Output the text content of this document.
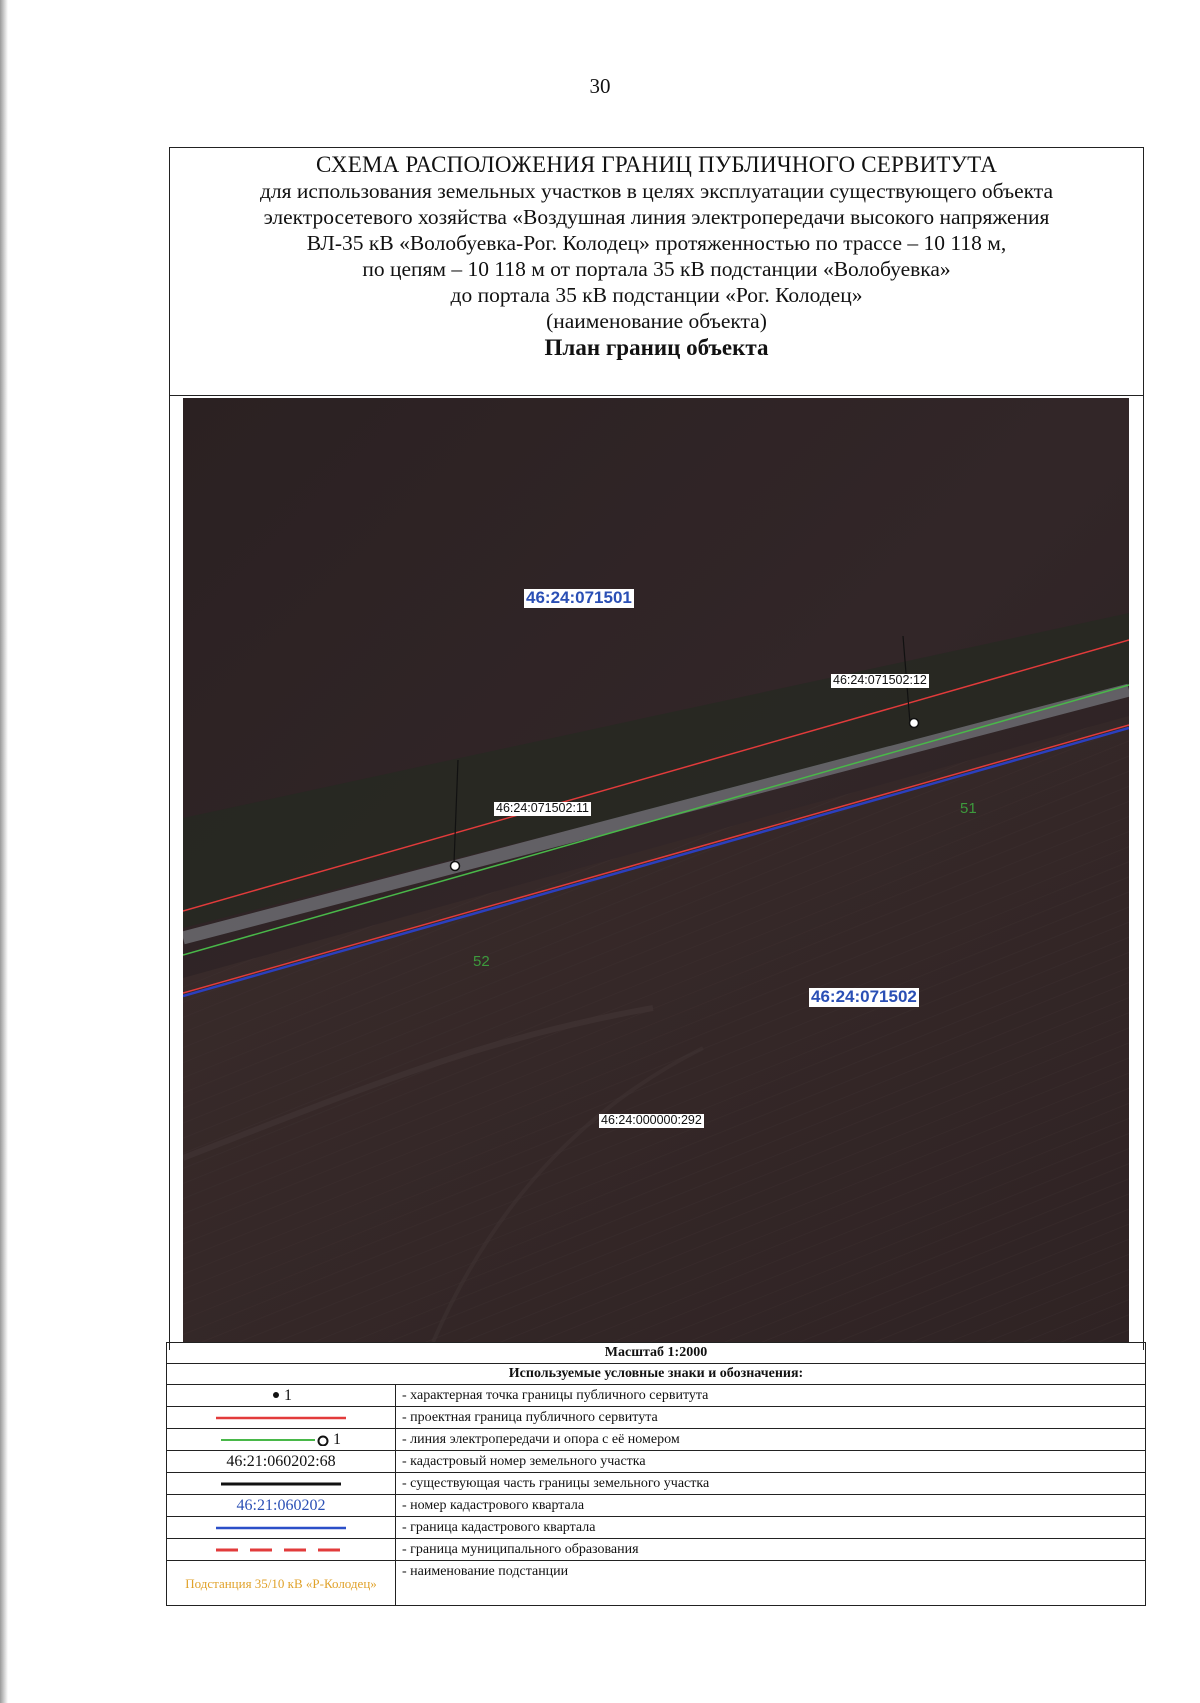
30
СХЕМА РАСПОЛОЖЕНИЯ ГРАНИЦ ПУБЛИЧНОГО СЕРВИТУТА
для использования земельных участков в целях эксплуатации существующего объекта
электросетевого хозяйства «Воздушная линия электропередачи высокого напряжения
ВЛ-35 кВ «Волобуевка-Рог. Колодец» протяженностью по трассе – 10 118 м,
по цепям – 10 118 м от портала 35 кВ подстанции «Волобуевка»
до портала 35 кВ подстанции «Рог. Колодец»
(наименование объекта)
План границ объекта
46:24:071501
46:24:071502
46:24:071502:12
46:24:071502:11
46:24:000000:292
51
52
Масштаб 1:2000
Используемые условные знаки и обозначения:
1	- характерная точка границы публичного сервитута
- проектная граница публичного сервитута
1	- линия электропередачи и опора с её номером
46:21:060202:68	- кадастровый номер земельного участка
- существующая часть границы земельного участка
46:21:060202	- номер кадастрового квартала
- граница кадастрового квартала
- граница муниципального образования
Подстанция 35/10 кВ «Р-Колодец»
- наименование подстанции
